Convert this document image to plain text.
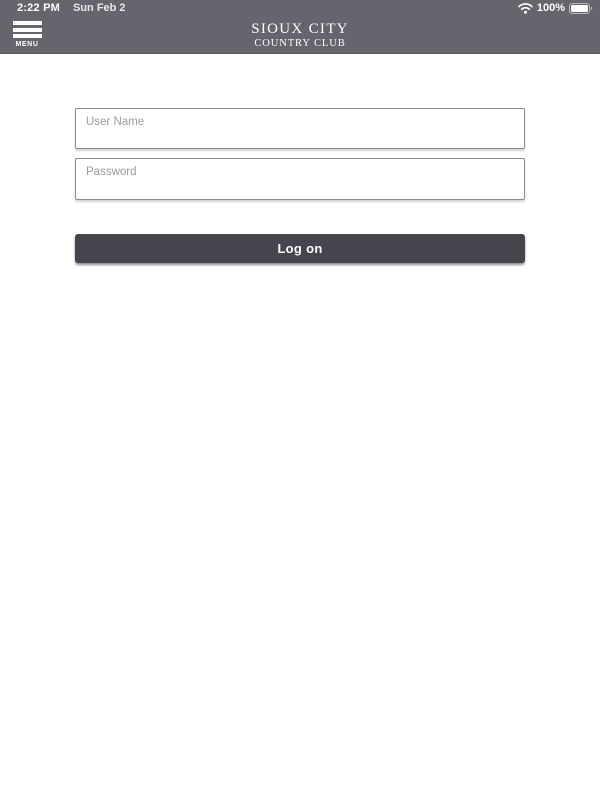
2:22 PM Sun Feb 2	100%
MENU
SIOUX CITY
COUNTRY CLUB
User Name
Log on
